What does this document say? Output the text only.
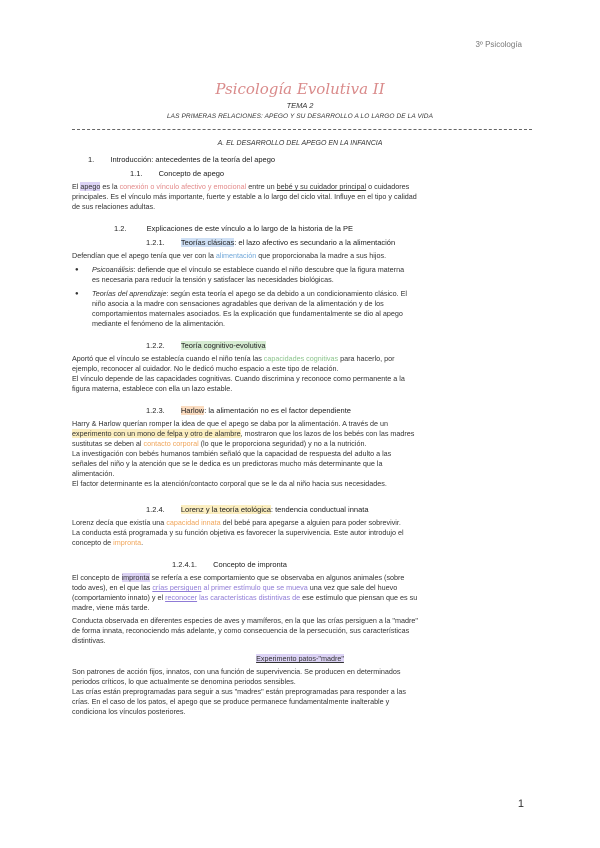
3º Psicología
Psicología Evolutiva II
TEMA 2
LAS PRIMERAS RELACIONES: APEGO Y SU DESARROLLO A LO LARGO DE LA VIDA
A. EL DESARROLLO DEL APEGO EN LA INFANCIA
1. Introducción: antecedentes de la teoría del apego
1.1. Concepto de apego
El apego es la conexión o vínculo afectivo y emocional entre un bebé y su cuidador principal o cuidadores
principales. Es el vínculo más importante, fuerte y estable a lo largo del ciclo vital. Influye en el tipo y calidad
de sus relaciones adultas.
1.2.	Explicaciones de este vínculo a lo largo de la historia de la PE
1.2.1. Teorías clásicas: el lazo afectivo es secundario a la alimentación
Defendían que el apego tenía que ver con la alimentación que proporcionaba la madre a sus hijos.
● Psicoanálisis: defiende que el vínculo se establece cuando el niño descubre que la figura materna
es necesaria para reducir la tensión y satisfacer las necesidades biológicas.
● Teorías del aprendizaje: según esta teoría el apego se da debido a un condicionamiento clásico. El
niño asocia a la madre con sensaciones agradables que derivan de la alimentación y de los
comportamientos maternales asociados. Es la explicación que fundamentalmente se dio al apego
mediante el fenómeno de la alimentación.
1.2.2. Teoría cognitivo-evolutiva
Aportó que el vínculo se establecía cuando el niño tenía las capacidades cognitivas para hacerlo, por
ejemplo, reconocer al cuidador. No le dedicó mucho espacio a este tipo de relación.
El vínculo depende de las capacidades cognitivas. Cuando discrimina y reconoce como permanente a la
figura materna, establece con ella un lazo estable.
1.2.3. Harlow: la alimentación no es el factor dependiente
Harry & Harlow querían romper la idea de que el apego se daba por la alimentación. A través de un
experimento con un mono de felpa y otro de alambre, mostraron que los lazos de los bebés con las madres
sustitutas se deben al contacto corporal (lo que le proporciona seguridad) y no a la nutrición.
La investigación con bebés humanos también señaló que la capacidad de respuesta del adulto a las
señales del niño y la atención que se le dedica es un predictoras mucho más determinante que la
alimentación.
El factor determinante es la atención/contacto corporal que se le da al niño hacia sus necesidades.
1.2.4. Lorenz y la teoría etológica: tendencia conductual innata
Lorenz decía que existía una capacidad innata del bebé para apegarse a alguien para poder sobrevivir.
La conducta está programada y su función objetiva es favorecer la supervivencia. Este autor introdujo el
concepto de impronta.
1.2.4.1. Concepto de impronta
El concepto de impronta se refería a ese comportamiento que se observaba en algunos animales (sobre
todo aves), en el que las crías persiguen al primer estímulo que se mueva una vez que sale del huevo
(comportamiento innato) y el reconocer las características distintivas de ese estímulo que piensan que es su
madre, viene más tarde.
Conducta observada en diferentes especies de aves y mamíferos, en la que las crías persiguen a la "madre"
de forma innata, reconociendo más adelante, y como consecuencia de la persecución, sus características
distintivas.
Experimento patos-"madre"
Son patrones de acción fijos, innatos, con una función de supervivencia. Se producen en determinados
periodos críticos, lo que actualmente se denomina periodos sensibles.
Las crías están preprogramadas para seguir a sus "madres" están preprogramadas para responder a las
crías. En el caso de los patos, el apego que se produce permanece fundamentalmente inalterable y
condiciona los vínculos posteriores.
1
